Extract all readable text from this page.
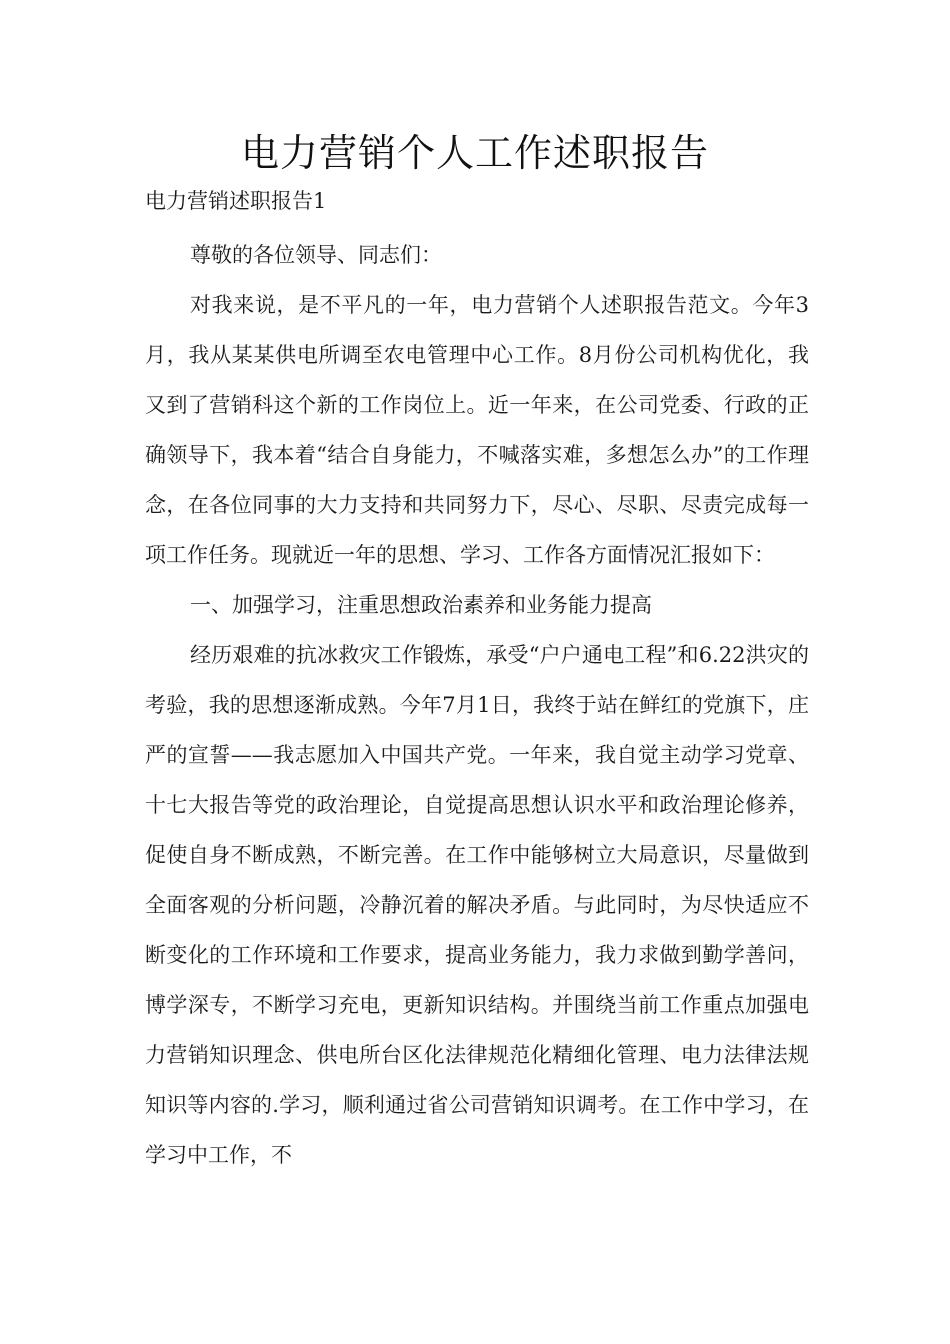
电力营销个人工作述职报告

电力营销述职报告1

尊敬的各位领导、同志们：

对我来说，是不平凡的一年，电力营销个人述职报告范文。今年3月，我从某某供电所调至农电管理中心工作。8月份公司机构优化，我又到了营销科这个新的工作岗位上。近一年来，在公司党委、行政的正确领导下，我本着“结合自身能力，不喊落实难，多想怎么办”的工作理念，在各位同事的大力支持和共同努力下，尽心、尽职、尽责完成每一项工作任务。现就近一年的思想、学习、工作各方面情况汇报如下：

一、加强学习，注重思想政治素养和业务能力提高

经历艰难的抗冰救灾工作锻炼，承受“户户通电工程”和6.22洪灾的考验，我的思想逐渐成熟。今年7月1日，我终于站在鲜红的党旗下，庄严的宣誓——我志愿加入中国共产党。一年来，我自觉主动学习党章、十七大报告等党的政治理论，自觉提高思想认识水平和政治理论修养，促使自身不断成熟，不断完善。在工作中能够树立大局意识，尽量做到全面客观的分析问题，冷静沉着的解决矛盾。与此同时，为尽快适应不断变化的工作环境和工作要求，提高业务能力，我力求做到勤学善问，博学深专，不断学习充电，更新知识结构。并围绕当前工作重点加强电力营销知识理念、供电所台区化法律规范化精细化管理、电力法律法规知识等内容的.学习，顺利通过省公司营销知识调考。在工作中学习，在学习中工作，不
